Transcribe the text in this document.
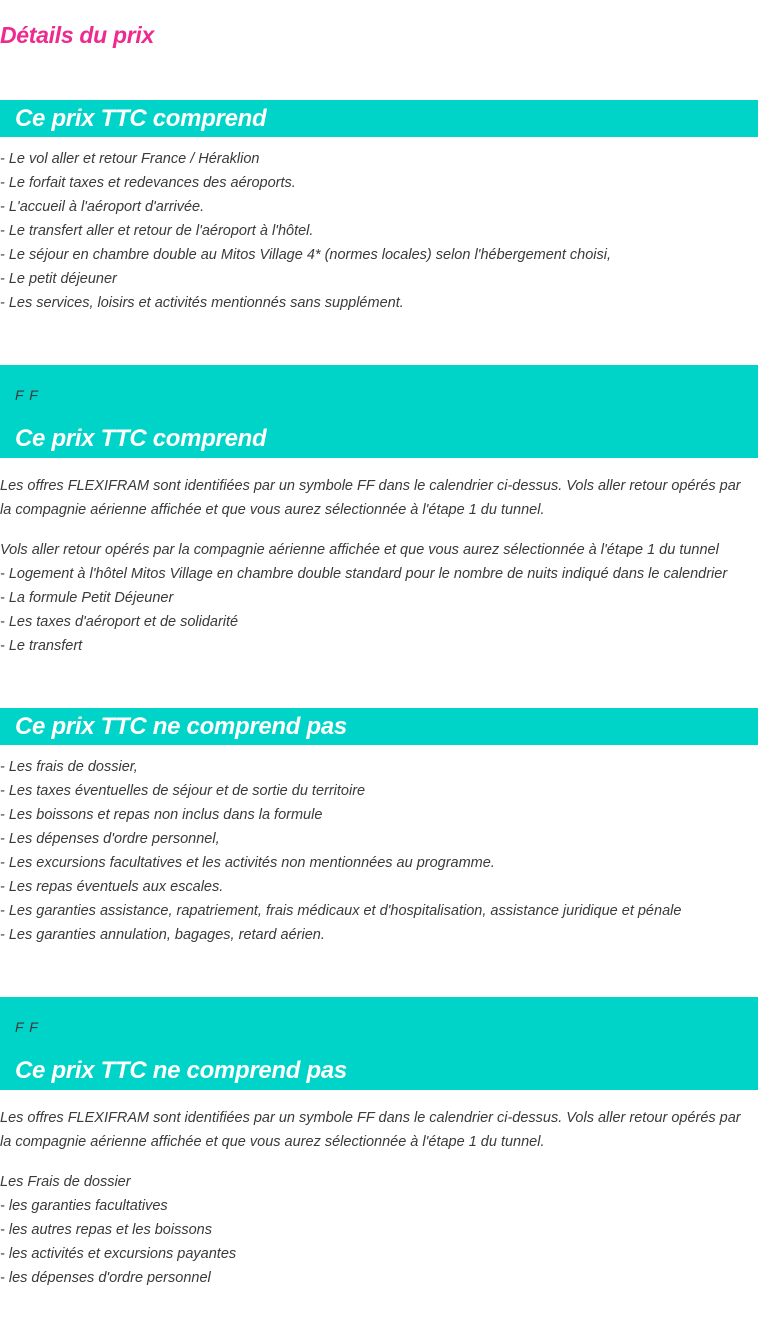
Détails du prix
Ce prix TTC comprend
- Le vol aller et retour France / Héraklion
- Le forfait taxes et redevances des aéroports.
- L'accueil à l'aéroport d'arrivée.
- Le transfert aller et retour de l'aéroport à l'hôtel.
- Le séjour en chambre double au Mitos Village 4* (normes locales) selon l'hébergement choisi,
- Le petit déjeuner
- Les services, loisirs et activités mentionnés sans supplément.
F F
Ce prix TTC comprend

Les offres FLEXIFRAM sont identifiées par un symbole FF dans le calendrier ci-dessus. Vols aller retour opérés par la compagnie aérienne affichée et que vous aurez sélectionnée à l'étape 1 du tunnel.

Vols aller retour opérés par la compagnie aérienne affichée et que vous aurez sélectionnée à l'étape 1 du tunnel
- Logement à l'hôtel Mitos Village en chambre double standard pour le nombre de nuits indiqué dans le calendrier
- La formule Petit Déjeuner
- Les taxes d'aéroport et de solidarité
- Le transfert
Ce prix TTC ne comprend pas
- Les frais de dossier,
- Les taxes éventuelles de séjour et de sortie du territoire
- Les boissons et repas non inclus dans la formule
- Les dépenses d'ordre personnel,
- Les excursions facultatives et les activités non mentionnées au programme.
- Les repas éventuels aux escales.
- Les garanties assistance, rapatriement, frais médicaux et d'hospitalisation, assistance juridique et pénale
- Les garanties annulation, bagages, retard aérien.
F F
Ce prix TTC ne comprend pas

Les offres FLEXIFRAM sont identifiées par un symbole FF dans le calendrier ci-dessus. Vols aller retour opérés par la compagnie aérienne affichée et que vous aurez sélectionnée à l'étape 1 du tunnel.

Les Frais de dossier
- les garanties facultatives
- les autres repas et les boissons
- les activités et excursions payantes
- les dépenses d'ordre personnel
